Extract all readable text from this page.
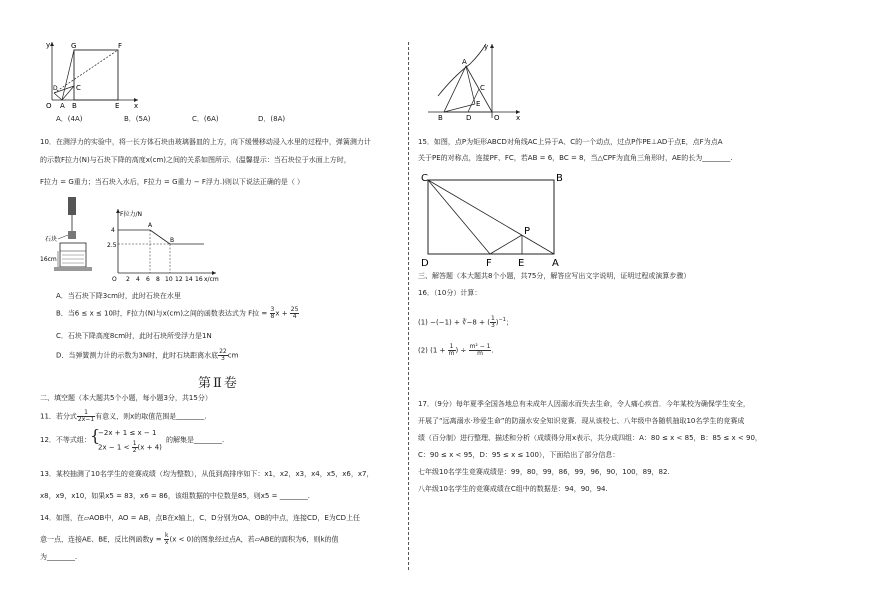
y	G	F
D	C
O A B	E x
A．(4A)	B．(5A)	C．(6A)	D．(8A)
10．在测浮力的实验中，将一长方体石块由玻璃器皿的上方，向下缓慢移动浸入水里的过程中，弹簧测力计
的示数F拉力(N)与石块下降的高度x(cm)之间的关系如图所示．(温馨提示：当石块位于水面上方时，
F拉力 = G重力；当石块入水后，F拉力 = G重力 − F浮力.)则以下说法正确的是（ ）
石块
16cm
F拉力/N
4
2.5
A
B
O 2 4 6 8 10 12 14 16 x/cm
A．当石块下降3cm时，此时石块在水里
B．当6 ≤ x ≤ 10时，F拉力(N)与x(cm)之间的函数表达式为 F拉 = $\frac{3}{8}$ $x + \frac{25}{4}$
C．石块下降高度8cm时，此时石块所受浮力是1N
D．当弹簧测力计的示数为3N时，此时石块距离水底 $\frac{22}{3}$ cm
第Ⅱ卷
二、填空题（本大题共5个小题，每小题3分，共15分）
11．若分式 $\frac{1}{2x-1}$ 有意义，则x的取值范围是________.
12．不等式组： {
−2x + 1 ≤ x − 1
$2x - 1 < \frac{1}{2} (x + 4)$
的解集是________.
13．某校抽测了10名学生的竞赛成绩（均为整数），从低到高排序如下：x1，x2，x3，x4，x5，x6，x7，
x8，x9，x10，如果x5 = 83，x6 = 86，该组数据的中位数是85，则x5 = ________.
14．如图，在▱AOB中，AO = AB，点B在x轴上，C、D分别为OA、OB的中点，连接CD，E为CD上任
意一点，连接AE、BE，反比例函数$y = \frac{k}{x} (x < 0)$的图象经过点A，若▱ABE的面积为6，则k的值
为________.
y
A
C
E
D	O
B	x
15．如图，点P为矩形ABCD对角线AC上异于A、C的一个动点，过点P作PE⊥AD于点E，点F为点A
关于PE的对称点，连接PF、FC，若AB = 6，BC = 8，当△CPF为直角三角形时，AE的长为________.
C	B
P
D	F	E	A
三、解答题（本大题共8个小题，共75分，解答应写出文字说明，证明过程或演算步骤）
16．（10分）计算：
(1) −(−1) + ∛−8 + ( $\frac{1}{3} )^{-1}$；
(2) ($1 + \frac{1}{m}$ ) ÷ $\frac{\text{m² − 1}}{m}$ .
17．（9分）每年夏季全国各地总有未成年人因溺水而失去生命，令人痛心疾首．今年某校为确保学生安全，
开展了“远离溺水·珍爱生命”的防溺水安全知识竞赛．现从该校七、八年级中各随机抽取10名学生的竞赛成
绩（百分制）进行整理、描述和分析（成绩得分用x表示，共分成四组：A：80 ≤ x < 85，B：85 ≤ x < 90，
C：90 ≤ x < 95，D：95 ≤ x ≤ 100），下面给出了部分信息：
七年级10名学生竞赛成绩是：99，80，99，86，99，96，90，100，89，82.
八年级10名学生的竞赛成绩在C组中的数据是：94，90，94.
